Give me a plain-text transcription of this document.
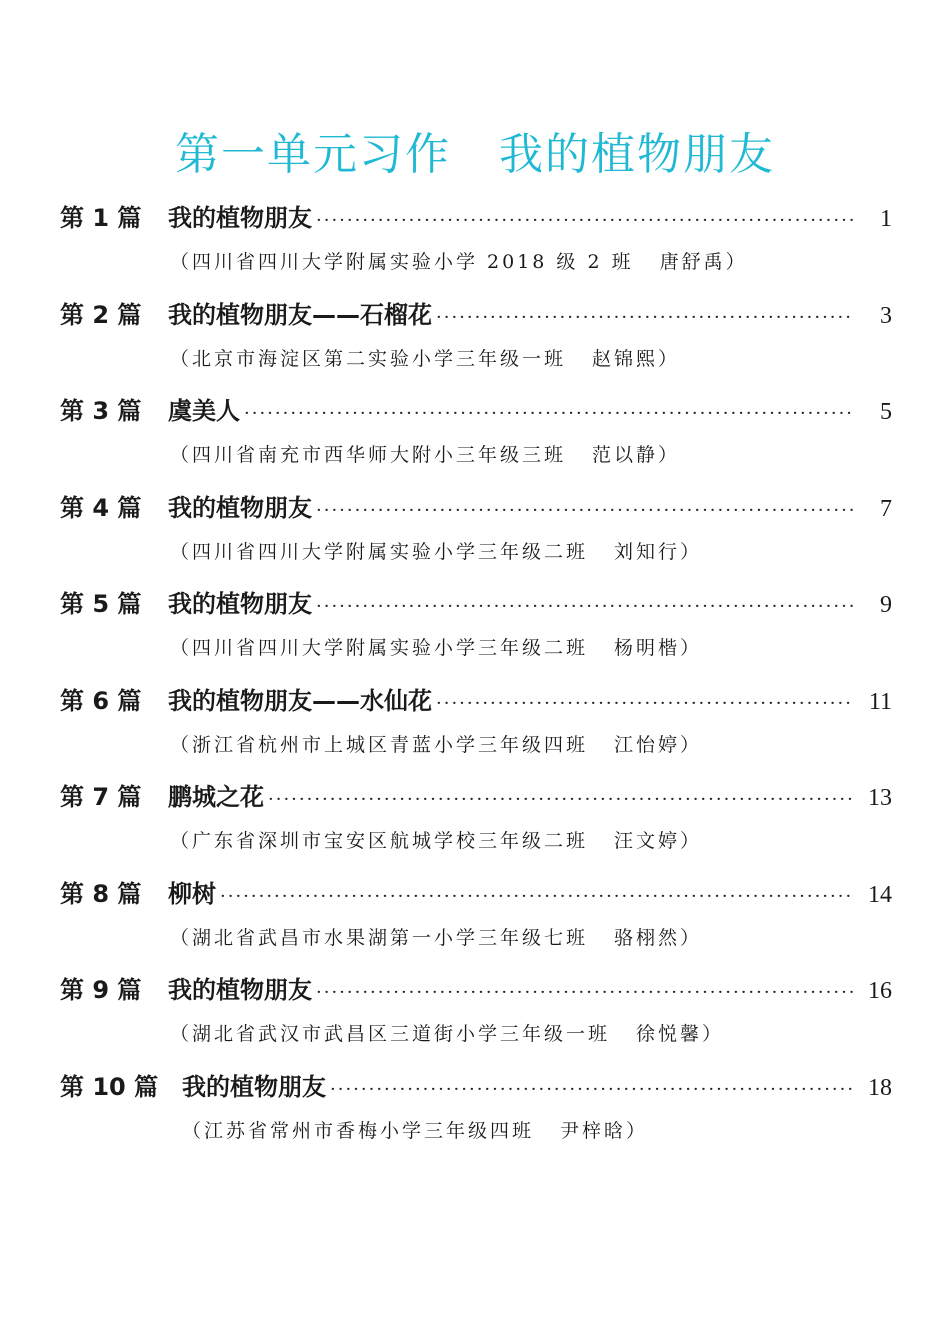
第一单元习作 我的植物朋友
第 1 篇	我的植物朋友 ·····	1
（四川省四川大学附属实验小学 2018 级 2 班 唐舒禹）
第 2 篇	我的植物朋友——石榴花 ·····	3
（北京市海淀区第二实验小学三年级一班 赵锦熙）
第 3 篇	虞美人 ·····	5
（四川省南充市西华师大附小三年级三班 范以静）
第 4 篇	我的植物朋友 ·····	7
（四川省四川大学附属实验小学三年级二班 刘知行）
第 5 篇	我的植物朋友 ·····	9
（四川省四川大学附属实验小学三年级二班 杨明楷）
第 6 篇	我的植物朋友——水仙花 ·····	11
（浙江省杭州市上城区青蓝小学三年级四班 江怡婷）
第 7 篇	鹏城之花 ·····	13
（广东省深圳市宝安区航城学校三年级二班 汪文婷）
第 8 篇	柳树 ·····	14
（湖北省武昌市水果湖第一小学三年级七班 骆栩然）
第 9 篇	我的植物朋友 ·····	16
（湖北省武汉市武昌区三道街小学三年级一班 徐悦馨）
第 10 篇 我的植物朋友 ·····	18
（江苏省常州市香梅小学三年级四班 尹梓晗）
